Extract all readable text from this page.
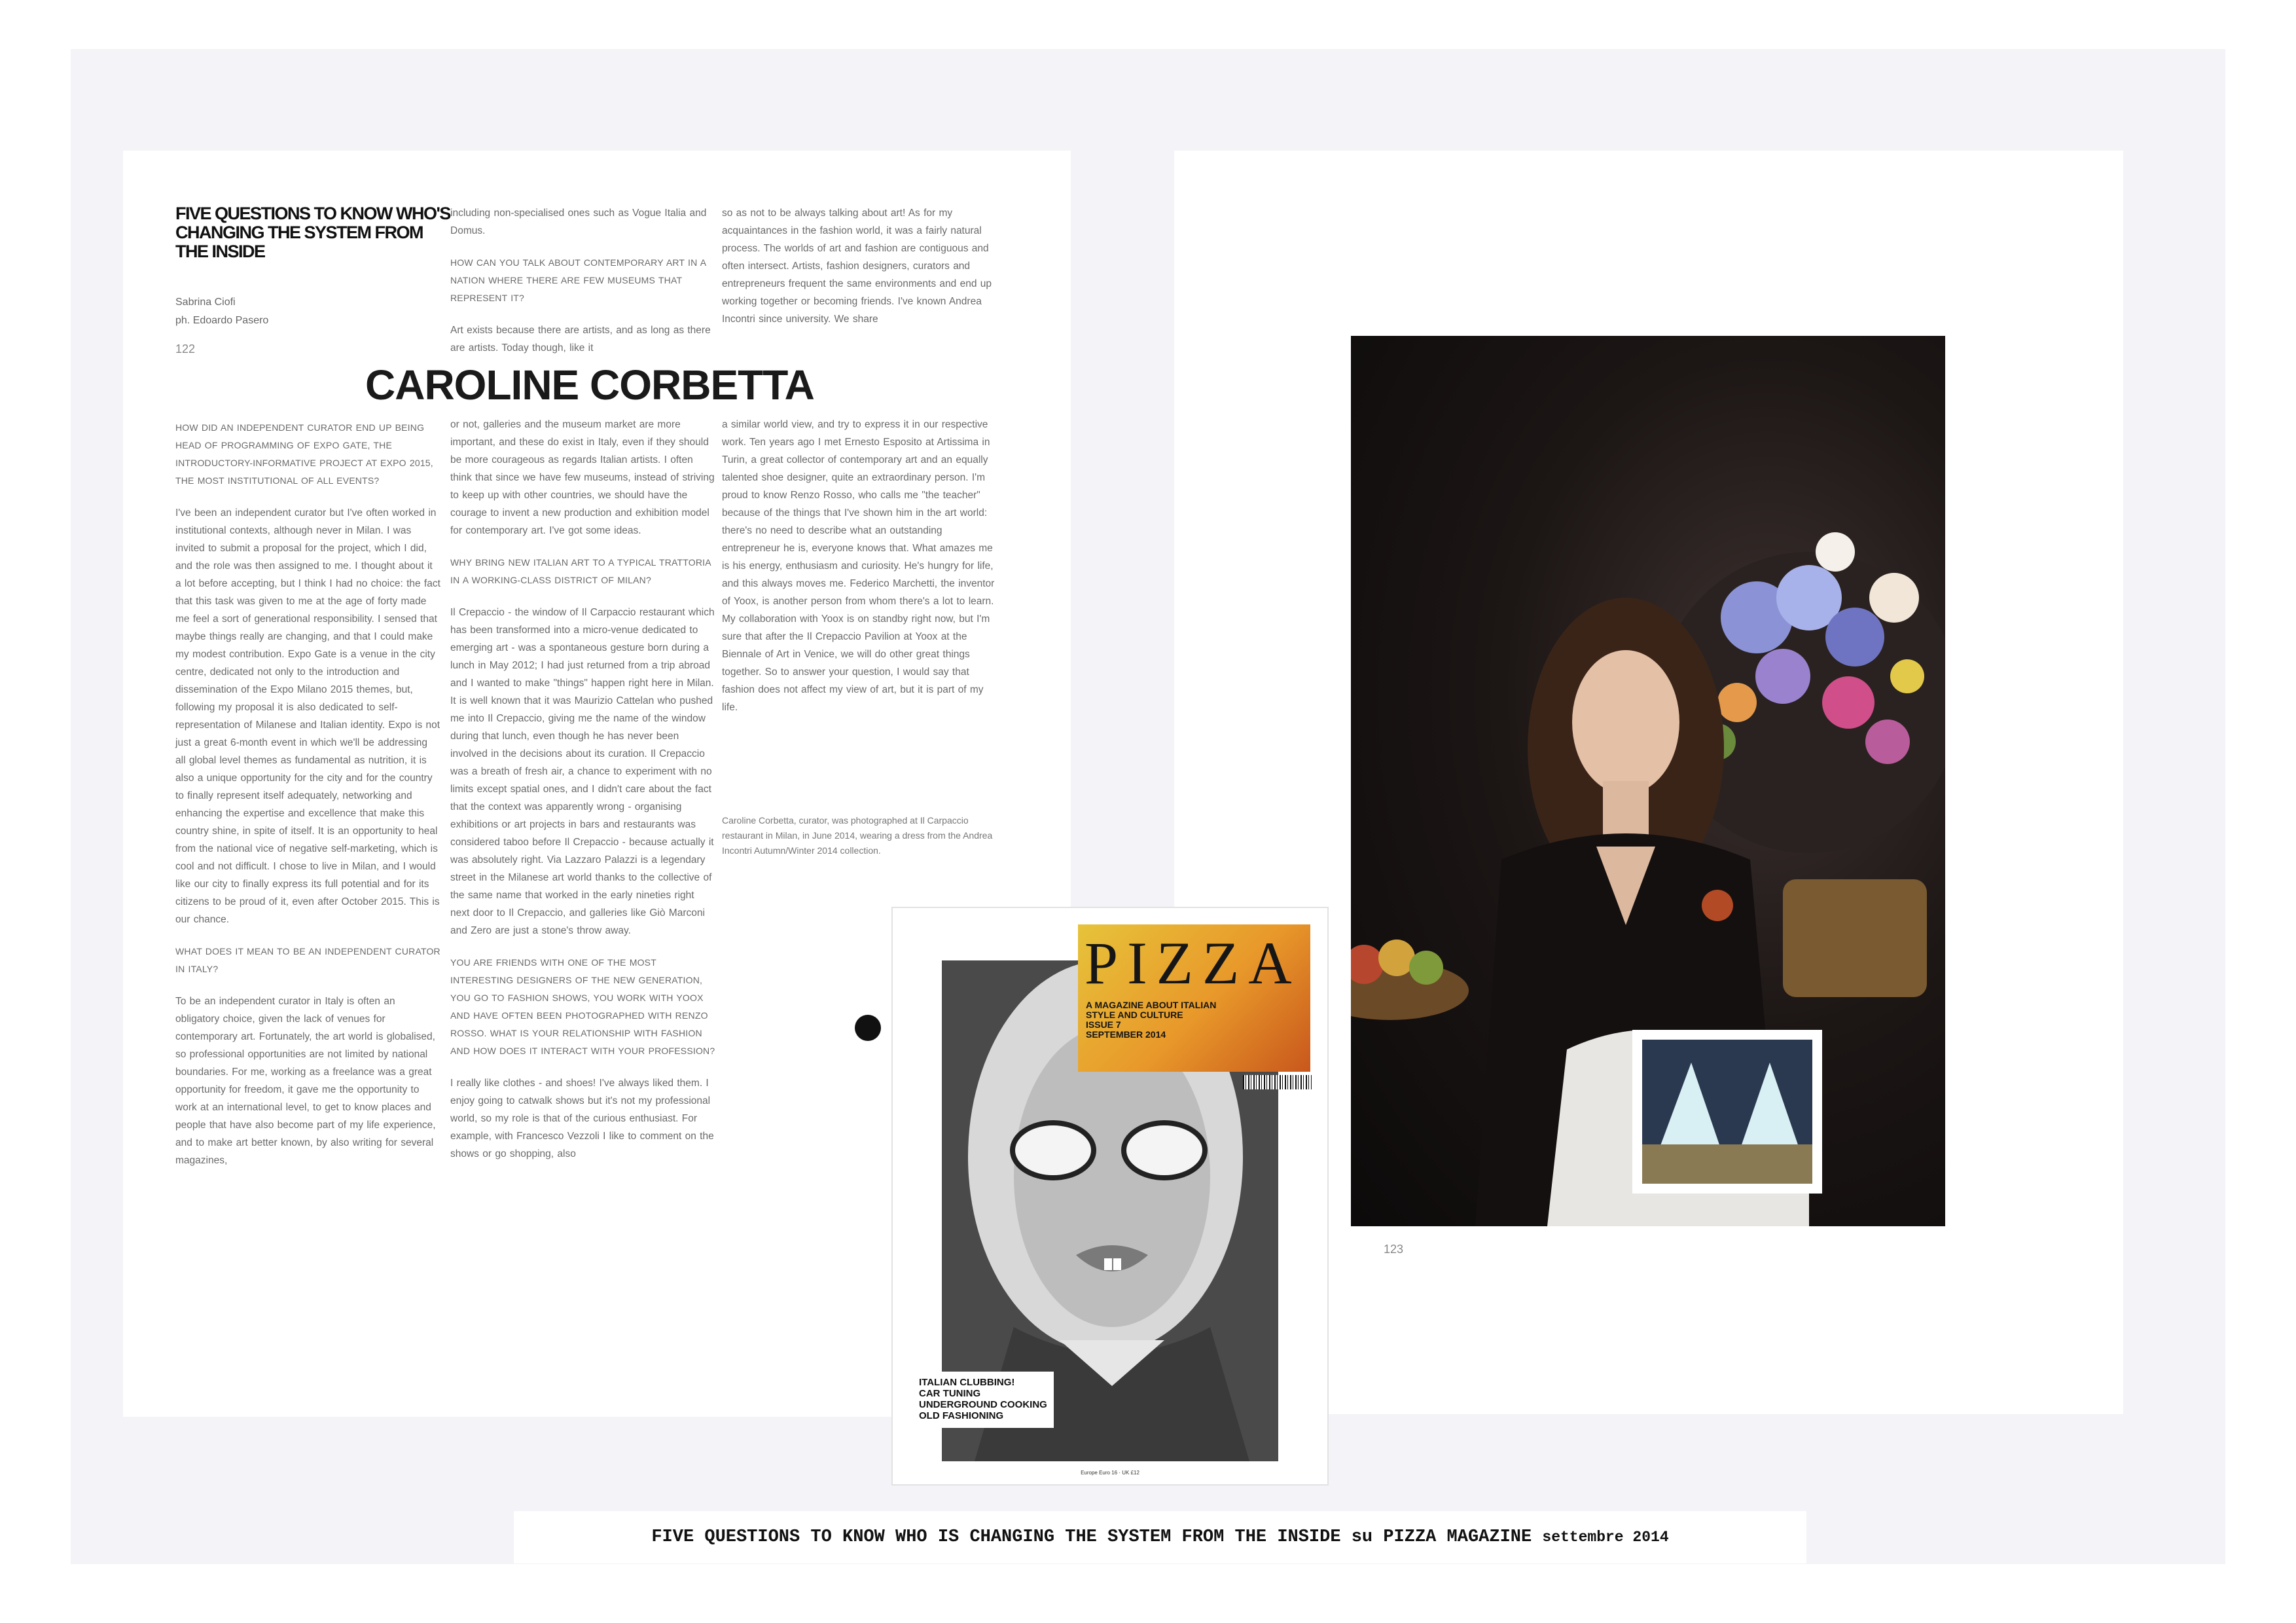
FIVE QUESTIONS TO KNOW WHO'S CHANGING THE SYSTEM FROM THE INSIDE
Sabrina Ciofi
ph. Edoardo Pasero
122

including non-specialised ones such as Vogue Italia and Domus.

HOW CAN YOU TALK ABOUT CONTEMPORARY ART IN A NATION WHERE THERE ARE FEW MUSEUMS THAT REPRESENT IT?

Art exists because there are artists, and as long as there are artists. Today though, like it

so as not to be always talking about art! As for my acquaintances in the fashion world, it was a fairly natural process. The worlds of art and fashion are contiguous and often intersect. Artists, fashion designers, curators and entrepreneurs frequent the same environments and end up working together or becoming friends. I've known Andrea Incontri since university. We share

CAROLINE CORBETTA

HOW DID AN INDEPENDENT CURATOR END UP BEING HEAD OF PROGRAMMING OF EXPO GATE, THE INTRODUCTORY-INFORMATIVE PROJECT AT EXPO 2015, THE MOST INSTITUTIONAL OF ALL EVENTS?

I've been an independent curator but I've often worked in institutional contexts, although never in Milan. I was invited to submit a proposal for the project, which I did, and the role was then assigned to me. I thought about it a lot before accepting, but I think I had no choice: the fact that this task was given to me at the age of forty made me feel a sort of generational responsibility. I sensed that maybe things really are changing, and that I could make my modest contribution. Expo Gate is a venue in the city centre, dedicated not only to the introduction and dissemination of the Expo Milano 2015 themes, but, following my proposal it is also dedicated to self-representation of Milanese and Italian identity. Expo is not just a great 6-month event in which we'll be addressing all global level themes as fundamental as nutrition, it is also a unique opportunity for the city and for the country to finally represent itself adequately, networking and enhancing the expertise and excellence that make this country shine, in spite of itself. It is an opportunity to heal from the national vice of negative self-marketing, which is cool and not difficult. I chose to live in Milan, and I would like our city to finally express its full potential and for its citizens to be proud of it, even after October 2015. This is our chance.

WHAT DOES IT MEAN TO BE AN INDEPENDENT CURATOR IN ITALY?

To be an independent curator in Italy is often an obligatory choice, given the lack of venues for contemporary art. Fortunately, the art world is globalised, so professional opportunities are not limited by national boundaries. For me, working as a freelance was a great opportunity for freedom, it gave me the opportunity to work at an international level, to get to know places and people that have also become part of my life experience, and to make art better known, by also writing for several magazines,

or not, galleries and the museum market are more important, and these do exist in Italy, even if they should be more courageous as regards Italian artists. I often think that since we have few museums, instead of striving to keep up with other countries, we should have the courage to invent a new production and exhibition model for contemporary art. I've got some ideas.

WHY BRING NEW ITALIAN ART TO A TYPICAL TRATTORIA IN A WORKING-CLASS DISTRICT OF MILAN?

Il Crepaccio - the window of Il Carpaccio restaurant which has been transformed into a micro-venue dedicated to emerging art - was a spontaneous gesture born during a lunch in May 2012; I had just returned from a trip abroad and I wanted to make "things" happen right here in Milan. It is well known that it was Maurizio Cattelan who pushed me into Il Crepaccio, giving me the name of the window during that lunch, even though he has never been involved in the decisions about its curation. Il Crepaccio was a breath of fresh air, a chance to experiment with no limits except spatial ones, and I didn't care about the fact that the context was apparently wrong - organising exhibitions or art projects in bars and restaurants was considered taboo before Il Crepaccio - because actually it was absolutely right. Via Lazzaro Palazzi is a legendary street in the Milanese art world thanks to the collective of the same name that worked in the early nineties right next door to Il Crepaccio, and galleries like Giò Marconi and Zero are just a stone's throw away.

YOU ARE FRIENDS WITH ONE OF THE MOST INTERESTING DESIGNERS OF THE NEW GENERATION, YOU GO TO FASHION SHOWS, YOU WORK WITH YOOX AND HAVE OFTEN BEEN PHOTOGRAPHED WITH RENZO ROSSO. WHAT IS YOUR RELATIONSHIP WITH FASHION AND HOW DOES IT INTERACT WITH YOUR PROFESSION?

I really like clothes - and shoes! I've always liked them. I enjoy going to catwalk shows but it's not my professional world, so my role is that of the curious enthusiast. For example, with Francesco Vezzoli I like to comment on the shows or go shopping, also

a similar world view, and try to express it in our respective work. Ten years ago I met Ernesto Esposito at Artissima in Turin, a great collector of contemporary art and an equally talented shoe designer, quite an extraordinary person. I'm proud to know Renzo Rosso, who calls me "the teacher" because of the things that I've shown him in the art world: there's no need to describe what an outstanding entrepreneur he is, everyone knows that. What amazes me is his energy, enthusiasm and curiosity. He's hungry for life, and this always moves me. Federico Marchetti, the inventor of Yoox, is another person from whom there's a lot to learn. My collaboration with Yoox is on standby right now, but I'm sure that after the Il Crepaccio Pavilion at Yoox at the Biennale of Art in Venice, we will do other great things together. So to answer your question, I would say that fashion does not affect my view of art, but it is part of my life.

Caroline Corbetta, curator, was photographed at Il Carpaccio restaurant in Milan, in June 2014, wearing a dress from the Andrea Incontri Autumn/Winter 2014 collection.
123
PIZZA
A MAGAZINE ABOUT ITALIAN
STYLE AND CULTURE
ISSUE 7
SEPTEMBER 2014
ITALIAN CLUBBING!
CAR TUNING
UNDERGROUND COOKING
OLD FASHIONING
Europe Euro 16 · UK £12
FIVE QUESTIONS TO KNOW WHO IS CHANGING THE SYSTEM FROM THE INSIDE su PIZZA MAGAZINE settembre 2014
